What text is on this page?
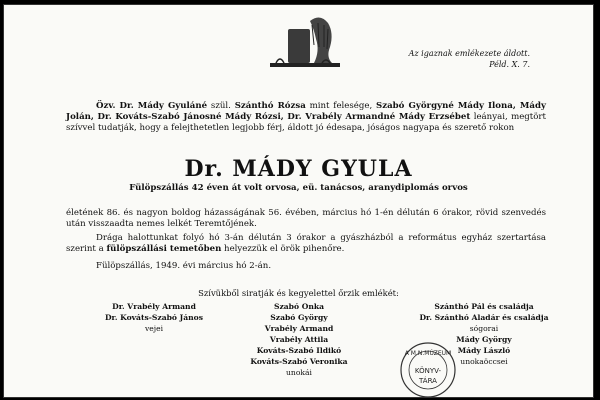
Az igaznak emlékezete áldott.
Péld. X. 7.
Özv. Dr. Mády Gyuláné szül. Szánthó Rózsa mint felesége, Szabó Györgyné Mády Ilona, Mády Jolán, Dr. Kováts-Szabó Jánosné Mády Rózsi, Dr. Vrabély Armandné Mády Erzsébet leányai, megtört szívvel tudatják, hogy a felejthetetlen legjobb férj, áldott jó édesapa, jóságos nagyapa és szerető rokon
Dr. MÁDY GYULA
Fülöpszállás 42 éven át volt orvosa, eü. tanácsos, aranydiplomás orvos
életének 86. és nagyon boldog házasságának 56. évében, március hó 1-én délután 6 órakor, rövid szenvedés után visszaadta nemes lelkét Teremtőjének.
Drága halottunkat folyó hó 3-án délután 3 órakor a gyászházból a református egyház szertartása szerint a fülöpszállási temetőben helyezzük el örök pihenőre.
Fülöpszállás, 1949. évi március hó 2-án.
Szívükből siratják és kegyelettel őrzik emlékét:
Dr. Vrabély Armand
Dr. Kováts-Szabó János
vejei
Szabó Onka
Szabó György
Vrabély Armand
Vrabély Attila
Kováts-Szabó Ildikó
Kováts-Szabó Veronika
unokái
Szánthó Pál és családja
Dr. Szánthó Aladár és családja
sógorai
Mády György
Mády László
unokaöccsei
A M.N.MÚZEUM
KÖNYV-
TÁRA
